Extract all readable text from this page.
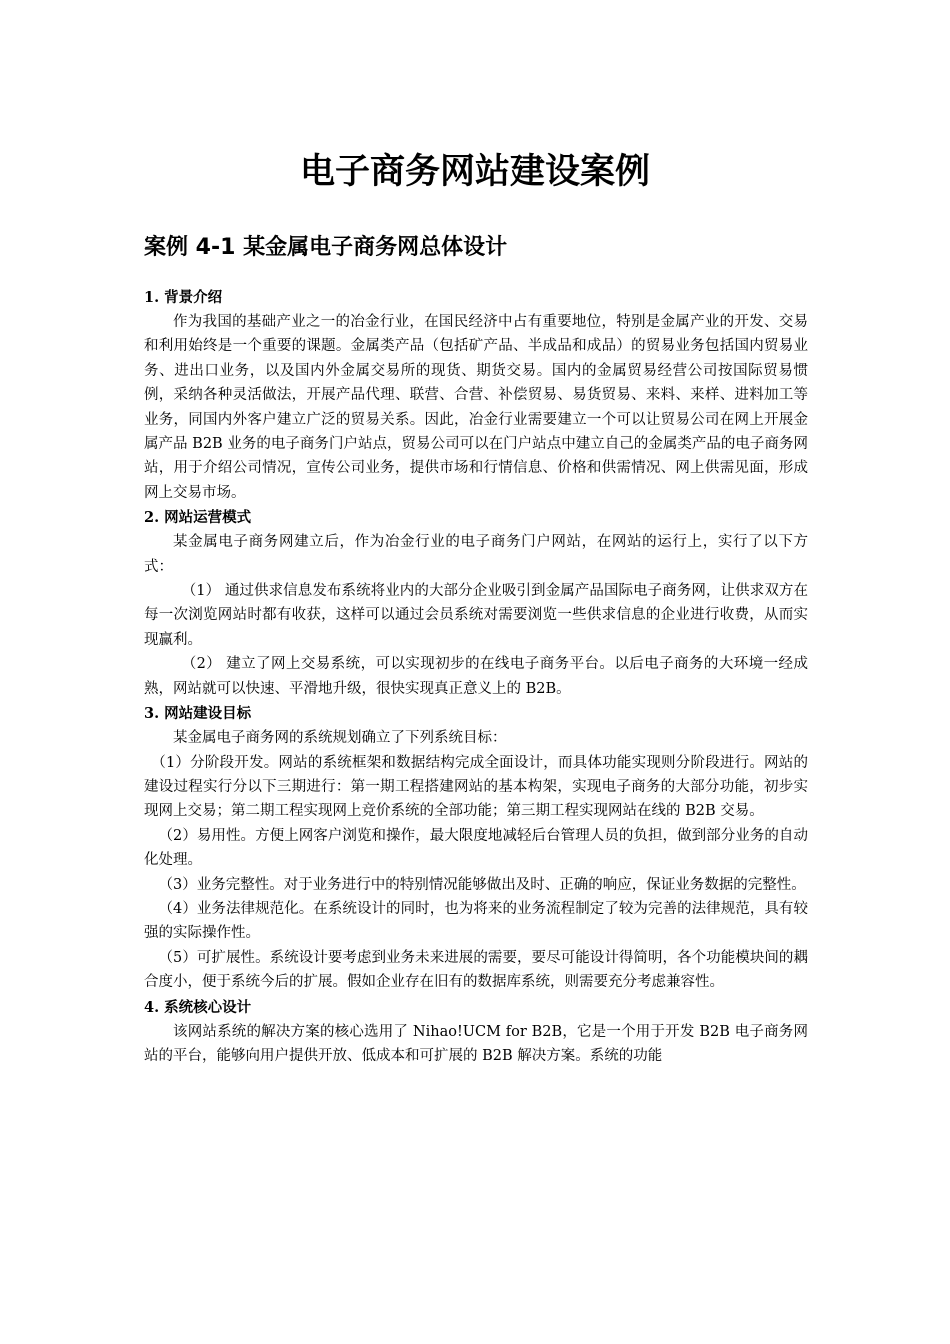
电子商务网站建设案例
案例 4-1 某金属电子商务网总体设计
1. 背景介绍

作为我国的基础产业之一的冶金行业，在国民经济中占有重要地位，特别是金属产业的开发、交易和利用始终是一个重要的课题。金属类产品（包括矿产品、半成品和成品）的贸易业务包括国内贸易业务、进出口业务，以及国内外金属交易所的现货、期货交易。国内的金属贸易经营公司按国际贸易惯例，采纳各种灵活做法，开展产品代理、联营、合营、补偿贸易、易货贸易、来料、来样、进料加工等业务，同国内外客户建立广泛的贸易关系。因此，冶金行业需要建立一个可以让贸易公司在网上开展金属产品 B2B 业务的电子商务门户站点，贸易公司可以在门户站点中建立自己的金属类产品的电子商务网站，用于介绍公司情况，宣传公司业务，提供市场和行情信息、价格和供需情况、网上供需见面，形成网上交易市场。

2. 网站运营模式

某金属电子商务网建立后，作为冶金行业的电子商务门户网站，在网站的运行上，实行了以下方式：

（1） 通过供求信息发布系统将业内的大部分企业吸引到金属产品国际电子商务网，让供求双方在每一次浏览网站时都有收获，这样可以通过会员系统对需要浏览一些供求信息的企业进行收费，从而实现赢利。

（2） 建立了网上交易系统，可以实现初步的在线电子商务平台。以后电子商务的大环境一经成熟，网站就可以快速、平滑地升级，很快实现真正意义上的 B2B。

3. 网站建设目标

某金属电子商务网的系统规划确立了下列系统目标：

（1）分阶段开发。网站的系统框架和数据结构完成全面设计，而具体功能实现则分阶段进行。网站的建设过程实行分以下三期进行：第一期工程搭建网站的基本构架，实现电子商务的大部分功能，初步实现网上交易；第二期工程实现网上竞价系统的全部功能；第三期工程实现网站在线的 B2B 交易。

（2）易用性。方便上网客户浏览和操作，最大限度地减轻后台管理人员的负担，做到部分业务的自动化处理。

（3）业务完整性。对于业务进行中的特别情况能够做出及时、正确的响应，保证业务数据的完整性。

（4）业务法律规范化。在系统设计的同时，也为将来的业务流程制定了较为完善的法律规范，具有较强的实际操作性。

（5）可扩展性。系统设计要考虑到业务未来进展的需要，要尽可能设计得简明，各个功能模块间的耦合度小，便于系统今后的扩展。假如企业存在旧有的数据库系统，则需要充分考虑兼容性。

4. 系统核心设计

该网站系统的解决方案的核心选用了 Nihao!UCM for B2B，它是一个用于开发 B2B 电子商务网站的平台，能够向用户提供开放、低成本和可扩展的 B2B 解决方案。系统的功能
